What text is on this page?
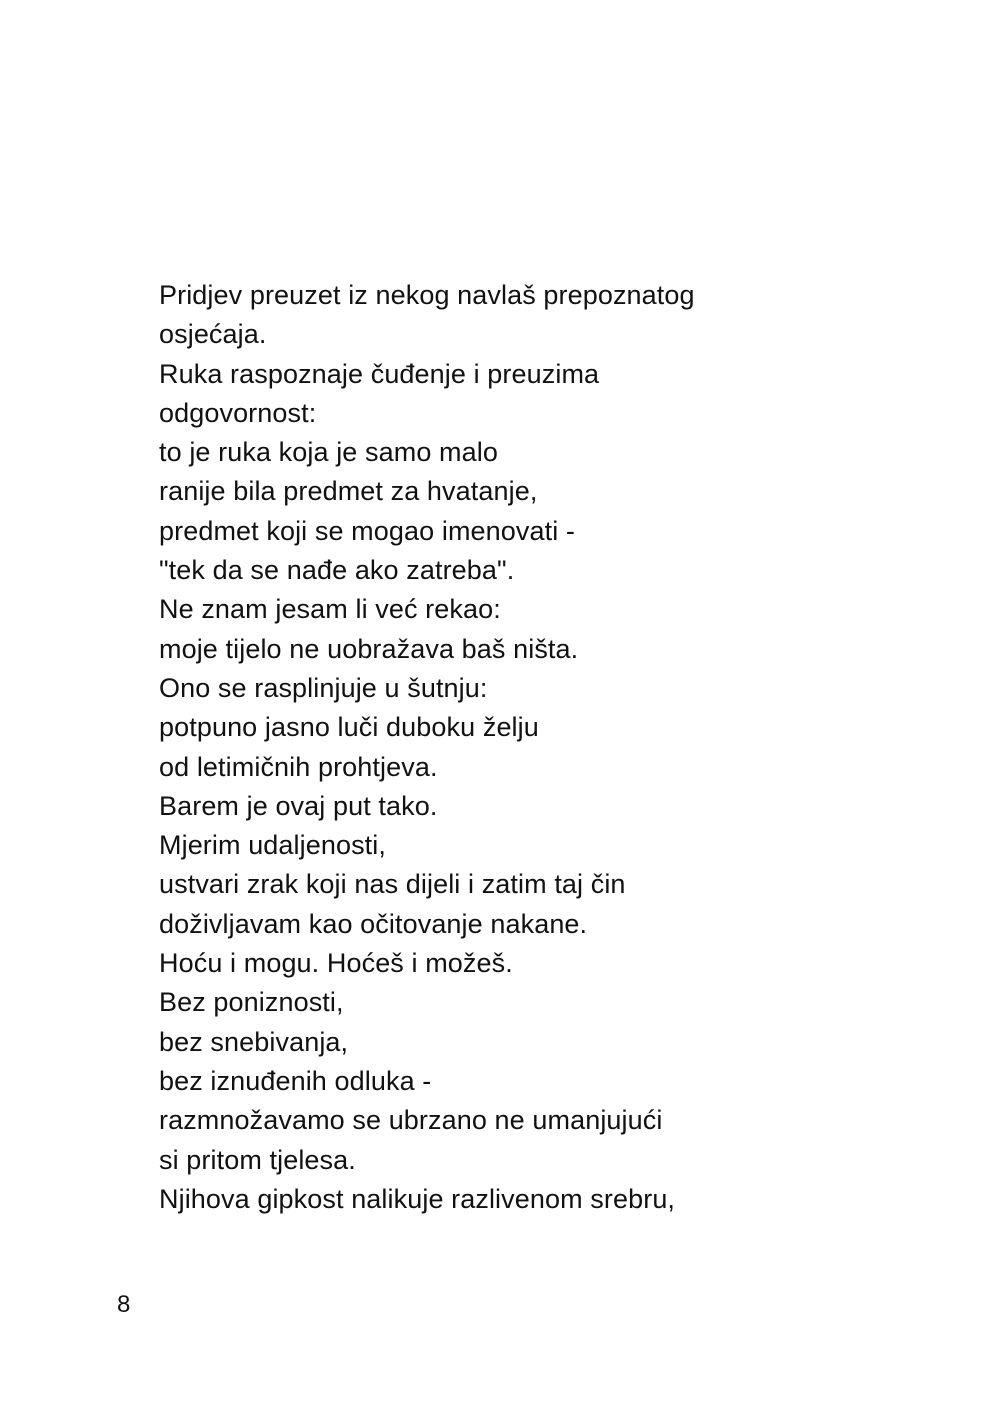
Pridjev preuzet iz nekog navlaš prepoznatog
osjećaja.
Ruka raspoznaje čuđenje i preuzima
odgovornost:
to je ruka koja je samo malo
ranije bila predmet za hvatanje,
predmet koji se mogao imenovati -
"tek da se nađe ako zatreba".
Ne znam jesam li već rekao:
moje tijelo ne uobražava baš ništa.
Ono se rasplinjuje u šutnju:
potpuno jasno luči duboku želju
od letimičnih prohtjeva.
Barem je ovaj put tako.
Mjerim udaljenosti,
ustvari zrak koji nas dijeli i zatim taj čin
doživljavam kao očitovanje nakane.
Hoću i mogu. Hoćeš i možeš.
Bez poniznosti,
bez snebivanja,
bez iznuđenih odluka -
razmnožavamo se ubrzano ne umanjujući
si pritom tjelesa.
Njihova gipkost nalikuje razlivenom srebru,
8
